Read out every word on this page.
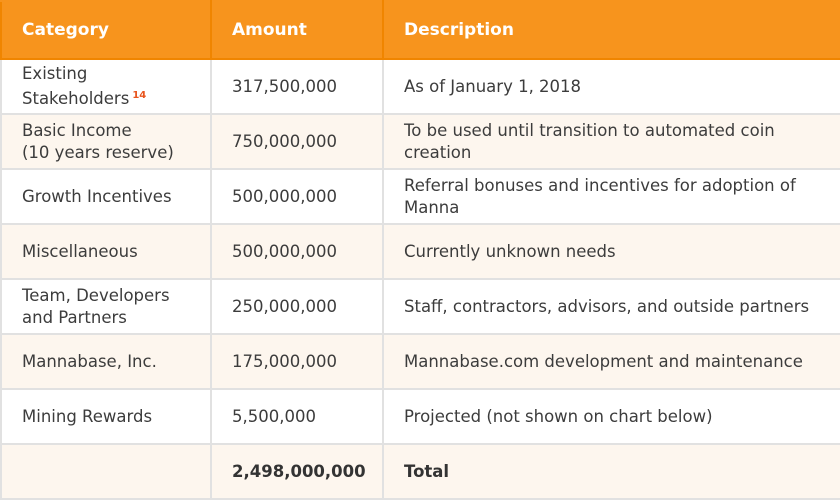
Category	Amount	Description
Existing
Stakeholders $^{14}$	317,500,000	As of January 1, 2018
Basic Income
(10 years reserve)	750,000,000	To be used until transition to automated coin creation
Growth Incentives	500,000,000	Referral bonuses and incentives for adoption of Manna
Miscellaneous	500,000,000	Currently unknown needs
Team, Developers
and Partners	250,000,000	Staff, contractors, advisors, and outside partners
Mannabase, Inc.	175,000,000	Mannabase.com development and maintenance
Mining Rewards	5,500,000	Projected (not shown on chart below)
	2,498,000,000	Total
